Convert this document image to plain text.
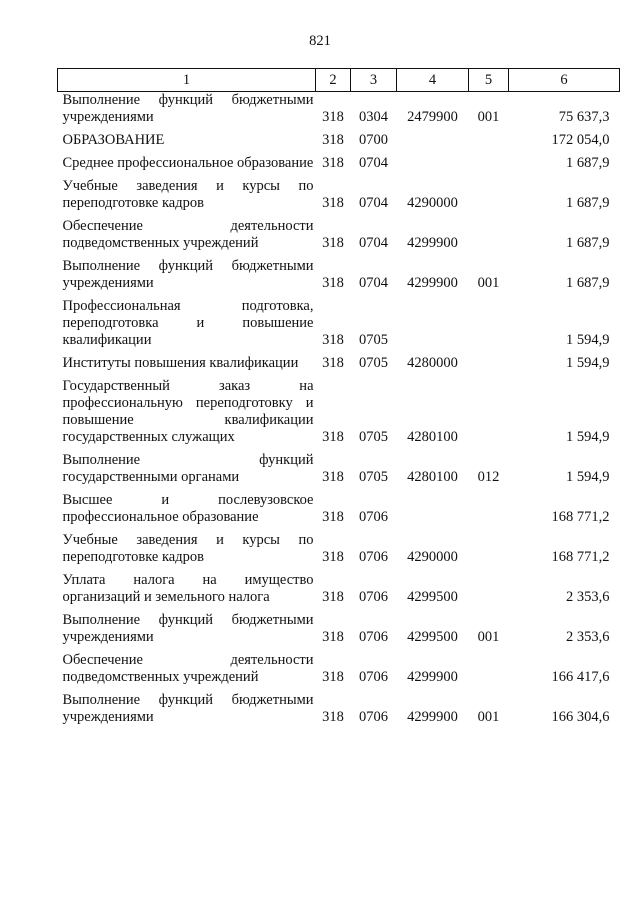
821
1	2	3	4	5	6
Выполнение функций бюджетными учреждениями	318	0304	2479900	001	75 637,3
ОБРАЗОВАНИЕ	318	0700			172 054,0
Среднее профессиональное образование	318	0704			1 687,9
Учебные заведения и курсы по переподготовке кадров	318	0704	4290000		1 687,9
Обеспечение деятельности подведомственных учреждений	318	0704	4299900		1 687,9
Выполнение функций бюджетными учреждениями	318	0704	4299900	001	1 687,9
Профессиональная подготовка, переподготовка и повышение квалификации	318	0705			1 594,9
Институты повышения квалификации	318	0705	4280000		1 594,9
Государственный заказ на профессиональную переподготовку и повышение квалификации государственных служащих	318	0705	4280100		1 594,9
Выполнение функций государственными органами	318	0705	4280100	012	1 594,9
Высшее и послевузовское профессиональное образование	318	0706			168 771,2
Учебные заведения и курсы по переподготовке кадров	318	0706	4290000		168 771,2
Уплата налога на имущество организаций и земельного налога	318	0706	4299500		2 353,6
Выполнение функций бюджетными учреждениями	318	0706	4299500	001	2 353,6
Обеспечение деятельности подведомственных учреждений	318	0706	4299900		166 417,6
Выполнение функций бюджетными учреждениями	318	0706	4299900	001	166 304,6
